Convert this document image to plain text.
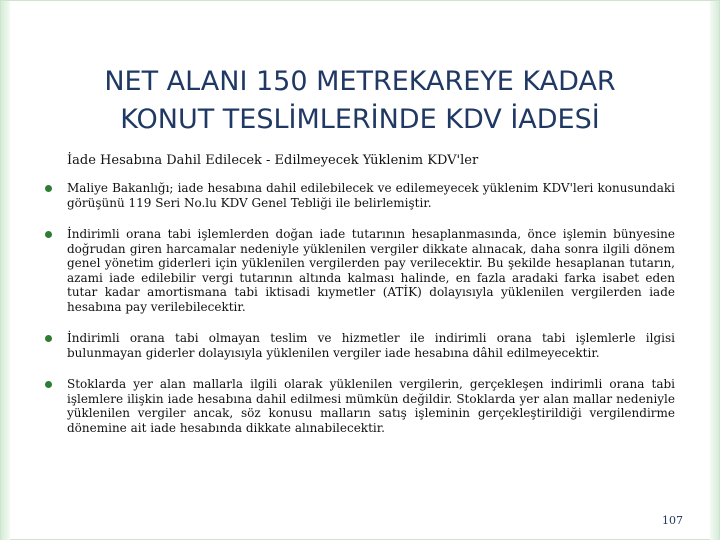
NET ALANI 150 METREKAREYE KADAR
KONUT TESLİMLERİNDE KDV İADESİ

İade Hesabına Dahil Edilecek - Edilmeyecek Yüklenim KDV'ler

Maliye Bakanlığı; iade hesabına dahil edilebilecek ve edilemeyecek yüklenim KDV'leri konusundaki görüşünü 119 Seri No.lu KDV Genel Tebliği ile belirlemiştir.
İndirimli orana tabi işlemlerden doğan iade tutarının hesaplanmasında, önce işlemin bünyesine doğrudan giren harcamalar nedeniyle yüklenilen vergiler dikkate alınacak, daha sonra ilgili dönem genel yönetim giderleri için yüklenilen vergilerden pay verilecektir. Bu şekilde hesaplanan tutarın, azami iade edilebilir vergi tutarının altında kalması halinde, en fazla aradaki farka isabet eden tutar kadar amortismana tabi iktisadi kıymetler (ATİK) dolayısıyla yüklenilen vergilerden iade hesabına pay verilebilecektir.
İndirimli orana tabi olmayan teslim ve hizmetler ile indirimli orana tabi işlemlerle ilgisi bulunmayan giderler dolayısıyla yüklenilen vergiler iade hesabına dâhil edilmeyecektir.
Stoklarda yer alan mallarla ilgili olarak yüklenilen vergilerin, gerçekleşen indirimli orana tabi işlemlere ilişkin iade hesabına dahil edilmesi mümkün değildir. Stoklarda yer alan mallar nedeniyle yüklenilen vergiler ancak, söz konusu malların satış işleminin gerçekleştirildiği vergilendirme dönemine ait iade hesabında dikkate alınabilecektir.
107
